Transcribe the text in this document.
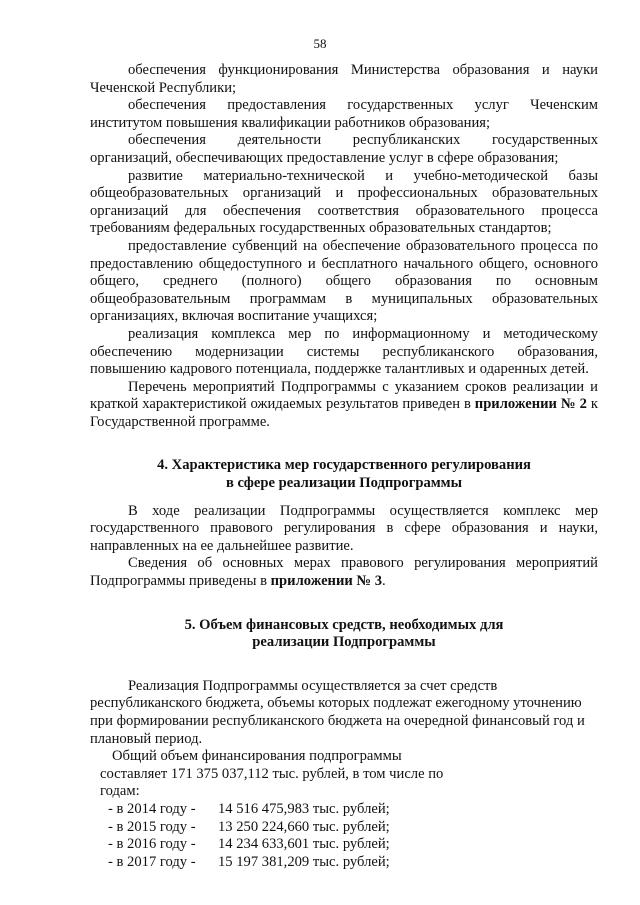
58

обеспечения функционирования Министерства образования и науки Чеченской Республики;

обеспечения предоставления государственных услуг Чеченским институтом повышения квалификации работников образования;

обеспечения деятельности республиканских государственных организаций, обеспечивающих предоставление услуг в сфере образования;

развитие материально-технической и учебно-методической базы общеобразовательных организаций и профессиональных образовательных организаций для обеспечения соответствия образовательного процесса требованиям федеральных государственных образовательных стандартов;

предоставление субвенций на обеспечение образовательного процесса по предоставлению общедоступного и бесплатного начального общего, основного общего, среднего (полного) общего образования по основным общеобразовательным программам в муниципальных образовательных организациях, включая воспитание учащихся;

реализация комплекса мер по информационному и методическому обеспечению модернизации системы республиканского образования, повышению кадрового потенциала, поддержке талантливых и одаренных детей.

Перечень мероприятий Подпрограммы с указанием сроков реализации и краткой характеристикой ожидаемых результатов приведен в приложении № 2 к Государственной программе.

4. Характеристика мер государственного регулирования
в сфере реализации Подпрограммы

В ходе реализации Подпрограммы осуществляется комплекс мер государственного правового регулирования в сфере образования и науки, направленных на ее дальнейшее развитие.

Сведения об основных мерах правового регулирования мероприятий Подпрограммы приведены в приложении № 3.

5. Объем финансовых средств, необходимых для
реализации Подпрограммы

Реализация Подпрограммы осуществляется за счет средств республиканского бюджета, объемы которых подлежат ежегодному уточнению при формировании республиканского бюджета на очередной финансовый год и плановый период.

Общий объем финансирования подпрограммы
составляет 171 375 037,112 тыс. рублей, в том числе по
годам:
- в 2014 году -	14 516 475,983 тыс. рублей;
- в 2015 году -	13 250 224,660 тыс. рублей;
- в 2016 году -	14 234 633,601 тыс. рублей;
- в 2017 году -	15 197 381,209 тыс. рублей;
